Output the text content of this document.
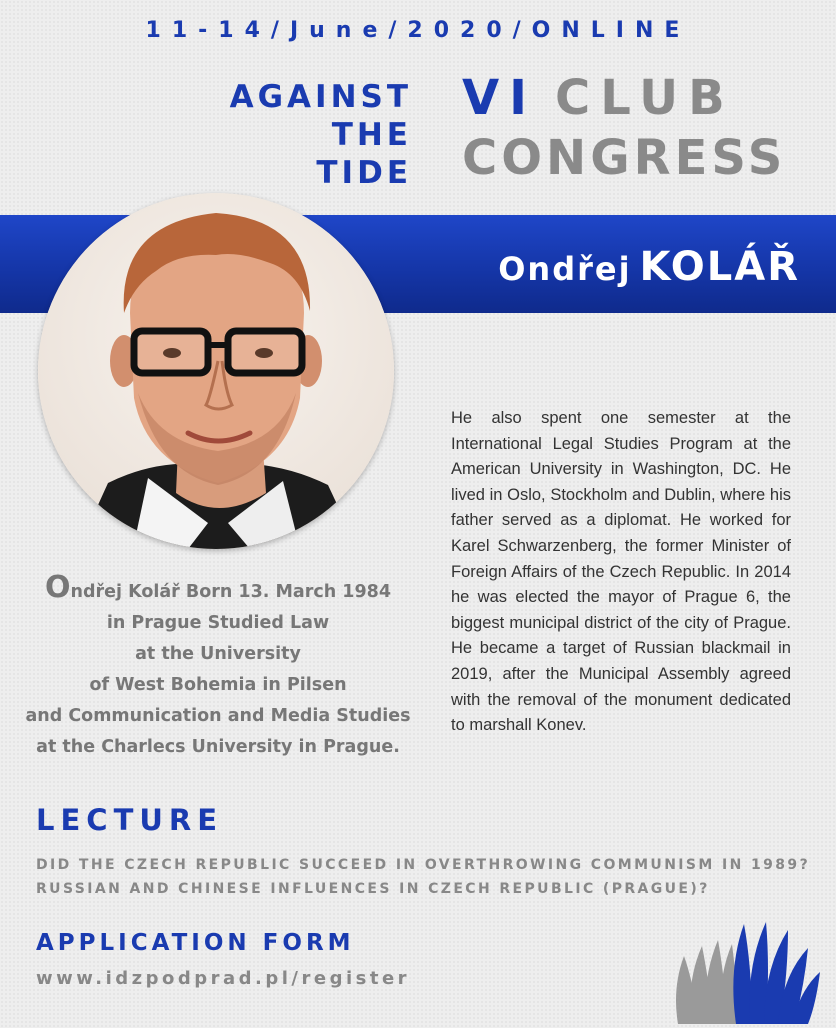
11-14/June/2020/ONLINE
AGAINST
THE
TIDE
VI CLUB
CONGRESS
Ondřej KOLÁŘ
Ondřej Kolář Born 13. March 1984
in Prague Studied Law
at the University
of West Bohemia in Pilsen
and Communication and Media Studies
at the Charlecs University in Prague.
He also spent one semester at the International Legal Studies Program at the American University in Washington, DC. He lived in Oslo, Stockholm and Dublin, where his father served as a diplomat. He worked for Karel Schwarzenberg, the former Minister of Foreign Affairs of the Czech Republic. In 2014 he was elected the mayor of Prague 6, the biggest municipal district of the city of Prague. He became a target of Russian blackmail in 2019, after the Municipal Assembly agreed with the removal of the monument dedicated to marshall Konev.
LECTURE
DID THE CZECH REPUBLIC SUCCEED IN OVERTHROWING COMMUNISM IN 1989?
RUSSIAN AND CHINESE INFLUENCES IN CZECH REPUBLIC (PRAGUE)?
APPLICATION FORM
www.idzpodprad.pl/register
